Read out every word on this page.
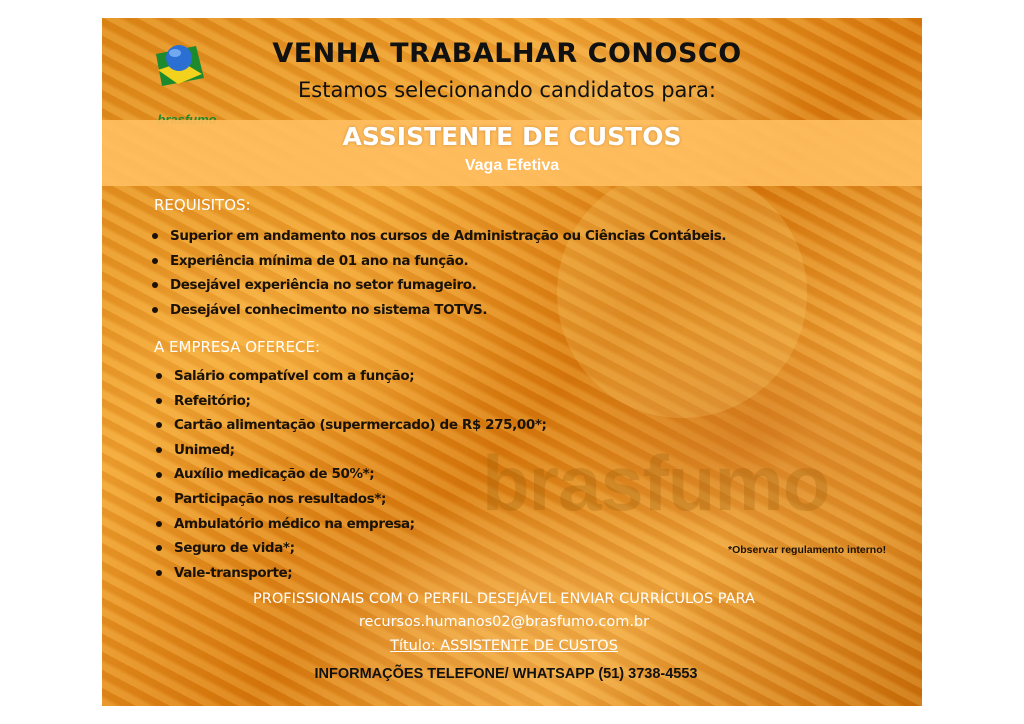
brasfumo
VENHA TRABALHAR CONOSCO
Estamos selecionando candidatos para:
ASSISTENTE DE CUSTOS
Vaga Efetiva
REQUISITOS:
Superior em andamento nos cursos de Administração ou Ciências Contábeis.
Experiência mínima de 01 ano na função.
Desejável experiência no setor fumageiro.
Desejável conhecimento no sistema TOTVS.
A EMPRESA OFERECE:
Salário compatível com a função;
Refeitório;
Cartão alimentação (supermercado) de R$ 275,00*;
Unimed;
Auxílio medicação de 50%*;
Participação nos resultados*;
Ambulatório médico na empresa;
Seguro de vida*;
Vale-transporte;
*Observar regulamento interno!
PROFISSIONAIS COM O PERFIL DESEJÁVEL ENVIAR CURRÍCULOS PARA
recursos.humanos02@brasfumo.com.br
Título: ASSISTENTE DE CUSTOS
INFORMAÇÕES TELEFONE/ WHATSAPP (51) 3738-4553
